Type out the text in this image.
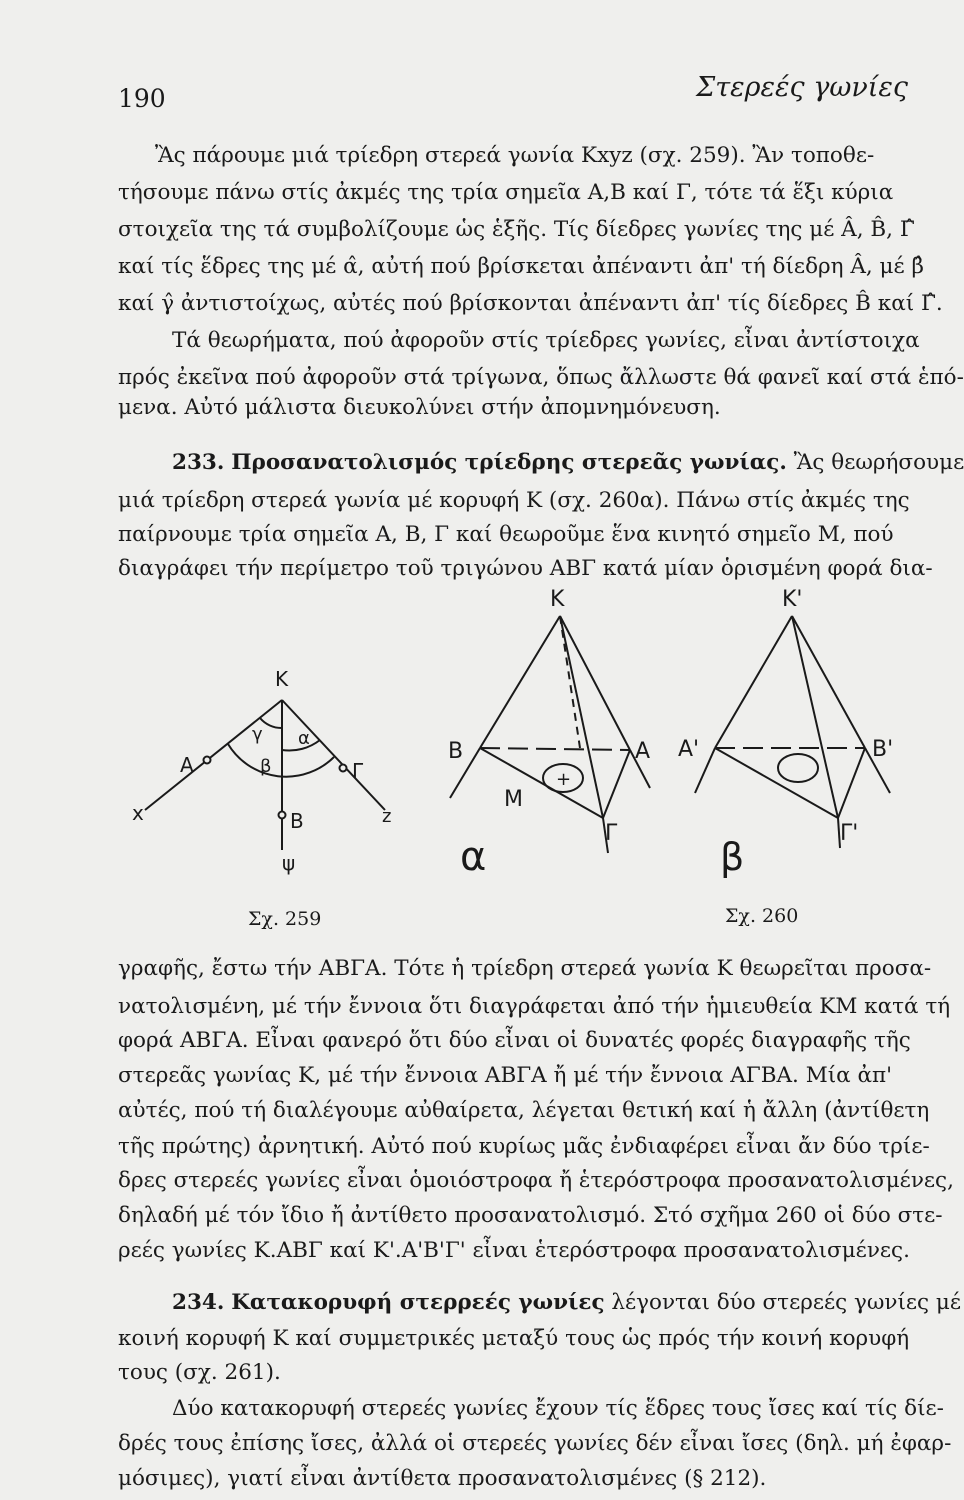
190	Στερεές γωνίες
Ἂς πάρουμε μιά τρίεδρη στερεά γωνία Kxyz (σχ. 259). Ἂν τοποθε-
τήσουμε πάνω στίς ἀκμές της τρία σημεῖα A,B καί Γ, τότε τά ἕξι κύρια
στοιχεῖα της τά συμβολίζουμε ὡς ἑξῆς. Τίς δίεδρες γωνίες της μέ Â, B̂, Γ̂
καί τίς ἕδρες της μέ α̂, αὐτή πού βρίσκεται ἀπέναντι ἀπ' τή δίεδρη Â, μέ β̂
καί γ̂ ἀντιστοίχως, αὐτές πού βρίσκονται ἀπέναντι ἀπ' τίς δίεδρες B̂ καί Γ̂.
Τά θεωρήματα, πού ἀφοροῦν στίς τρίεδρες γωνίες, εἶναι ἀντίστοιχα
πρός ἐκεῖνα πού ἀφοροῦν στά τρίγωνα, ὅπως ἄλλωστε θά φανεῖ καί στά ἑπό-
μενα. Αὐτό μάλιστα διευκολύνει στήν ἀπομνημόνευση.
233. Προσανατολισμός τρίεδρης στερεᾶς γωνίας. Ἂς θεωρήσουμε
μιά τρίεδρη στερεά γωνία μέ κορυφή K (σχ. 260α). Πάνω στίς ἀκμές της
παίρνουμε τρία σημεῖα A, B, Γ καί θεωροῦμε ἕνα κινητό σημεῖο M, πού
διαγράφει τήν περίμετρο τοῦ τριγώνου ΑΒΓ κατά μίαν ὁρισμένη φορά δια-
K
A
B
Γ
x
ψ
z
γ α
β
Σχ. 259
K
B	A
Γ
M
+
α
K'
A'	B'
Γ'
β
Σχ. 260
γραφῆς, ἔστω τήν ΑΒΓΑ. Τότε ἡ τρίεδρη στερεά γωνία K θεωρεῖται προσα-
νατολισμένη, μέ τήν ἔννοια ὅτι διαγράφεται ἀπό τήν ἡμιευθεία KM κατά τή
φορά ΑΒΓΑ. Εἶναι φανερό ὅτι δύο εἶναι οἱ δυνατές φορές διαγραφῆς τῆς
στερεᾶς γωνίας K, μέ τήν ἔννοια ΑΒΓΑ ἤ μέ τήν ἔννοια ΑΓΒΑ. Μία ἀπ'
αὐτές, πού τή διαλέγουμε αὐθαίρετα, λέγεται θετική καί ἡ ἄλλη (ἀντίθετη
τῆς πρώτης) ἀρνητική. Αὐτό πού κυρίως μᾶς ἐνδιαφέρει εἶναι ἄν δύο τρίε-
δρες στερεές γωνίες εἶναι ὁμοιόστροφα ἤ ἑτερόστροφα προσανατολισμένες,
δηλαδή μέ τόν ἴδιο ἤ ἀντίθετο προσανατολισμό. Στό σχῆμα 260 οἱ δύο στε-
ρεές γωνίες K.ΑΒΓ καί K'.A'B'Γ' εἶναι ἑτερόστροφα προσανατολισμένες.
234. Κατακορυφή στερρεές γωνίες λέγονται δύο στερεές γωνίες μέ
κοινή κορυφή K καί συμμετρικές μεταξύ τους ὡς πρός τήν κοινή κορυφή
τους (σχ. 261).
Δύο κατακορυφή στερεές γωνίες ἔχουν τίς ἕδρες τους ἴσες καί τίς δίε-
δρές τους ἐπίσης ἴσες, ἀλλά οἱ στερεές γωνίες δέν εἶναι ἴσες (δηλ. μή ἐφαρ-
μόσιμες), γιατί εἶναι ἀντίθετα προσανατολισμένες (§ 212).
